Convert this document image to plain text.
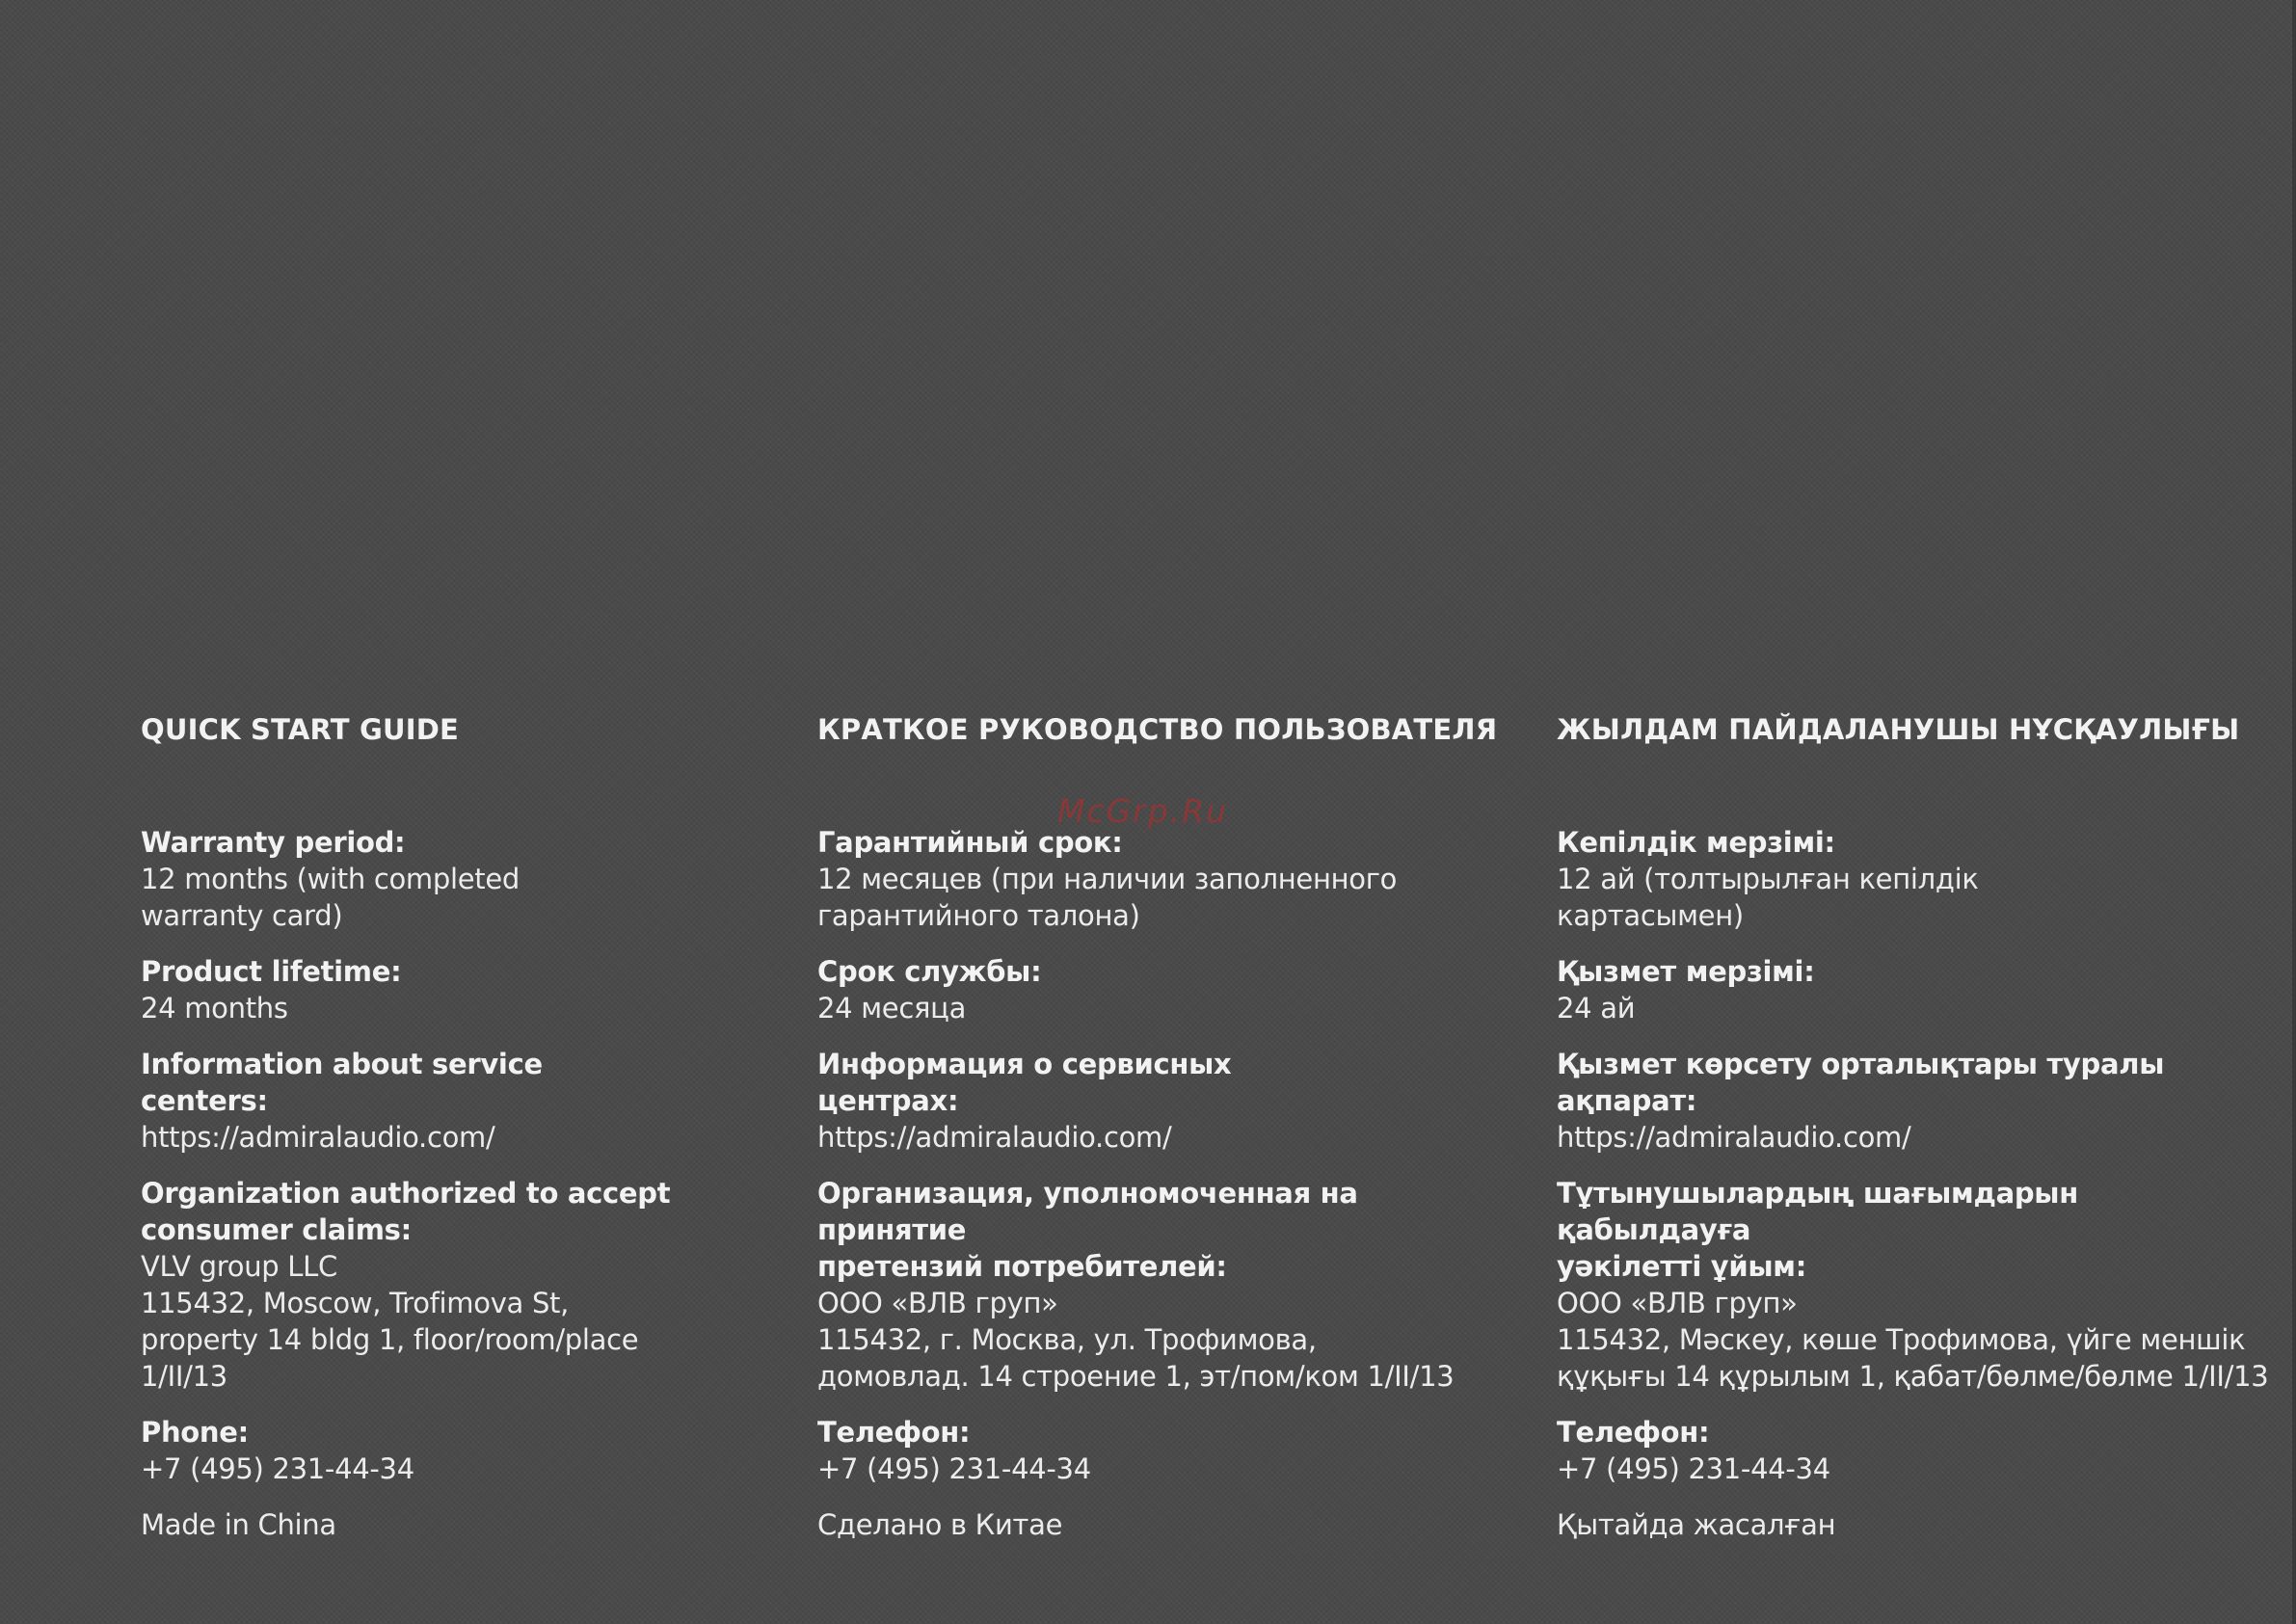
McGrp.Ru
QUICK START GUIDE
Warranty period:
12 months (with completed
warranty card)
Product lifetime:
24 months
Information about service
centers:
https://admiralaudio.com/
Organization authorized to accept
consumer claims:
VLV group LLC
115432, Moscow, Trofimova St,
property 14 bldg 1, floor/room/place 1/II/13
Phone:
+7 (495) 231-44-34
Made in China
КРАТКОЕ РУКОВОДСТВО ПОЛЬЗОВАТЕЛЯ
Гарантийный срок:
12 месяцев (при наличии заполненного
гарантийного талона)
Срок службы:
24 месяца
Информация о сервисных
центрах:
https://admiralaudio.com/
Организация, уполномоченная на принятие
претензий потребителей:
ООО «ВЛВ груп»
115432, г. Москва, ул. Трофимова,
домовлад. 14 строение 1, эт/пом/ком 1/II/13
Телефон:
+7 (495) 231-44-34
Сделано в Китае
ЖЫЛДАМ ПАЙДАЛАНУШЫ НҰСҚАУЛЫҒЫ
Кепілдік мерзімі:
12 ай (толтырылған кепілдік
картасымен)
Қызмет мерзімі:
24 ай
Қызмет көрсету орталықтары туралы
ақпарат:
https://admiralaudio.com/
Тұтынушылардың шағымдарын қабылдауға
уәкілетті ұйым:
ООО «ВЛВ груп»
115432, Мәскеу, көше Трофимова, үйге меншік
құқығы 14 құрылым 1, қабат/бөлме/бөлме 1/II/13
Телефон:
+7 (495) 231-44-34
Қытайда жасалған
